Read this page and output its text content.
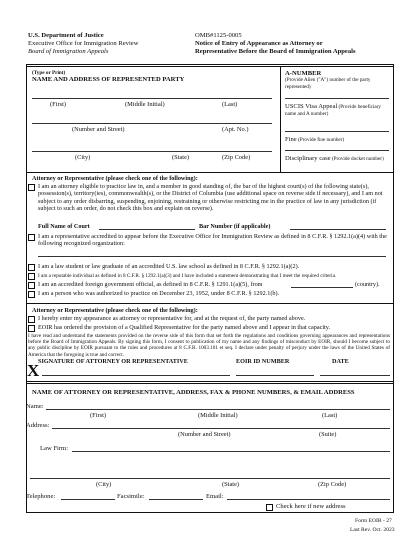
U.S. Department of Justice
Executive Office for Immigration Review
Board of Immigration Appeals
OMB#1125-0005
Notice of Entry of Appearance as Attorney or
Representative Before the Board of Immigration Appeals
(Type or Print)
NAME AND ADDRESS OF REPRESENTED PARTY
(First)	(Middle Initial)	(Last)
(Number and Street)	(Apt. No.)
(City)	(State)	(Zip Code)
A-NUMBER
(Provide Alien ("A") number of the party represented)
USCIS Visa Appeal (Provide beneficiary name and A number)
Fine (Provide fine number)
Disciplinary case (Provide docket number)
Attorney or Representative (please check one of the following):
I am an attorney eligible to practice law in, and a member in good standing of, the bar of the highest court(s) of the following state(s), possession(s), territory(ies), commonwealth(s), or the District of Columbia (use additional space on reverse side if necessary), and I am not subject to any order disbarring, suspending, enjoining, restraining or otherwise restricting me in the practice of law in any jurisdiction (if subject to such an order, do not check this box and explain on reverse).
Full Name of Court	Bar Number (if applicable)
I am a representative accredited to appear before the Executive Office for Immigration Review as defined in 8 C.F.R. § 1292.1(a)(4) with the following recognized organization:
I am a law student or law graduate of an accredited U.S. law school as defined in 8 C.F.R. § 1292.1(a)(2).
I am a reputable individual as defined in 8 C.F.R. § 1292.1(a)(3) and I have included a statement demonstrating that I meet the required criteria.
I am an accredited foreign government official, as defined in 8 C.F.R. § 1291.1(a)(5), from	(country).
I am a person who was authorized to practice on December 23, 1952, under 8 C.F.R. § 1292.1(b).
Attorney or Representative (please check one of the following):
I hereby enter my appearance as attorney or representative for, and at the request of, the party named above.
EOIR has ordered the provision of a Qualified Representative for the party named above and I appear in that capacity.
I have read and understand the statements provided on the reverse side of this form that set forth the regulations and conditions governing appearances and representations before the Board of Immigration Appeals. By signing this form, I consent to publication of my name and any findings of misconduct by EOIR, should I become subject to any public discipline by EOIR pursuant to the rules and procedures at 8 C.F.R. 1003.101 et seq. I declare under penalty of perjury under the laws of the United States of America that the foregoing is true and correct.
SIGNATURE OF ATTORNEY OR REPRESENTATIVE	EOIR ID NUMBER	DATE
X
NAME OF ATTORNEY OR REPRESENTATIVE, ADDRESS, FAX & PHONE NUMBERS, & EMAIL ADDRESS
Name:
(First)	(Middle Initial)	(Last)
Address:
(Number and Street)	(Suite)
Law Firm:
(City)	(State)	(Zip Code)
Telephone:	Facsimile:	Email:
Check here if new address
Form EOIR - 27
Last Rev. Oct. 2023
